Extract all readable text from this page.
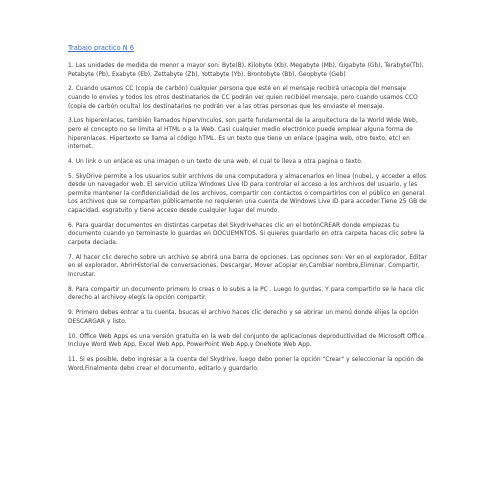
Trabajo practico N 6
1. Las unidades de medida de menor a mayor son: Byte(B), Kilobyte (Kb), Megabyte (Mb), Gigabyte (Gb), Terabyte(Tb), Petabyte (Pb), Exabyte (Eb), Zettabyte (Zb), Yottabyte (Yb), Brontobyte (Bb), Geopbyte (Geb)
2. Cuando usamos CC (copia de carbón) cualquier persona que esté en el mensaje recibirá unacopia del mensaje cuando lo envíes y todos los otros destinatarios de CC podrán ver quien recibióel mensaje, pero cuando usamos CCO (copia de carbón oculta) los destinatarios no podrán ver a las otras personas que les enviaste el mensaje.
3.Los hiperenlaces, también llamados hipervínculos, son parte fundamental de la arquitectura de la World Wide Web, pero el concepto no se limita al HTML o a la Web. Casi cualquier medio electrónico puede emplear alguna forma de hiperenlaces. Hipertexto se llama al código hTML. Es un texto que tiene un enlace (pagina web, otro texto, etc) en internet.
4. Un link o un enlace es una imagen o un texto de una web, el cual te lleva a otra pagina o texto.
5. SkyDrive permite a los usuarios subir archivos de una computadora y almacenarlos en línea (nube), y acceder a ellos desde un navegador web. El servicio utiliza Windows Live ID para controlar el acceso a los archivos del usuario, y les permite mantener la confidencialidad de los archivos, compartir con contactos o compartirlos con el público en general. Los archivos que se comparten públicamente no requieren una cuenta de Windows Live ID para acceder.Tiene 25 GB de capacidad, esgratuito y tiene acceso desde cualquier lugar del mundo.
6. Para guardar documentos en distintas carpetas del Skydrivehaces clic en el botónCREAR donde empiezas tu documento cuando yo terminaste lo guardas en DOCUEMNTOS. Si quieres guardarlo en otra carpeta haces clic sobre la carpeta deciada.
7. Al hacer clic derecho sobre un archivo se abrirá una barra de opciones. Las opciones son: Ver en el explorador, Editar en el explorador, AbrirHistorial de conversaciones, Descargar, Mover aCopiar en,Cambiar nombre,Eliminar, Compartir, Incrustar.
8. Para compartir un documento primero lo creas o lo subis a la PC . Luego lo gurdas. Y para compartirlo se le hace clic derecho al archivoy elegís la opción compartir.
9. Primero debes entrar a tu cuenta, bsucas el archivo haces clic derecho y se abrirar un menú donde elijes la opción DESCARGAR y listo.
10. Office Web Apps es una versión gratuita en la web del conjunto de aplicaciones deproductividad de Microsoft Office. Incluye Word Web App, Excel Web App, PowerPoint Web App,y OneNote Web App.
11. Si es posible, debo ingresar a la cuenta del Skydrive, luego debo poner la opción "Crear" y seleccionar la opción de Word,Finalmente debo crear el documento, editarlo y guardarlo.
